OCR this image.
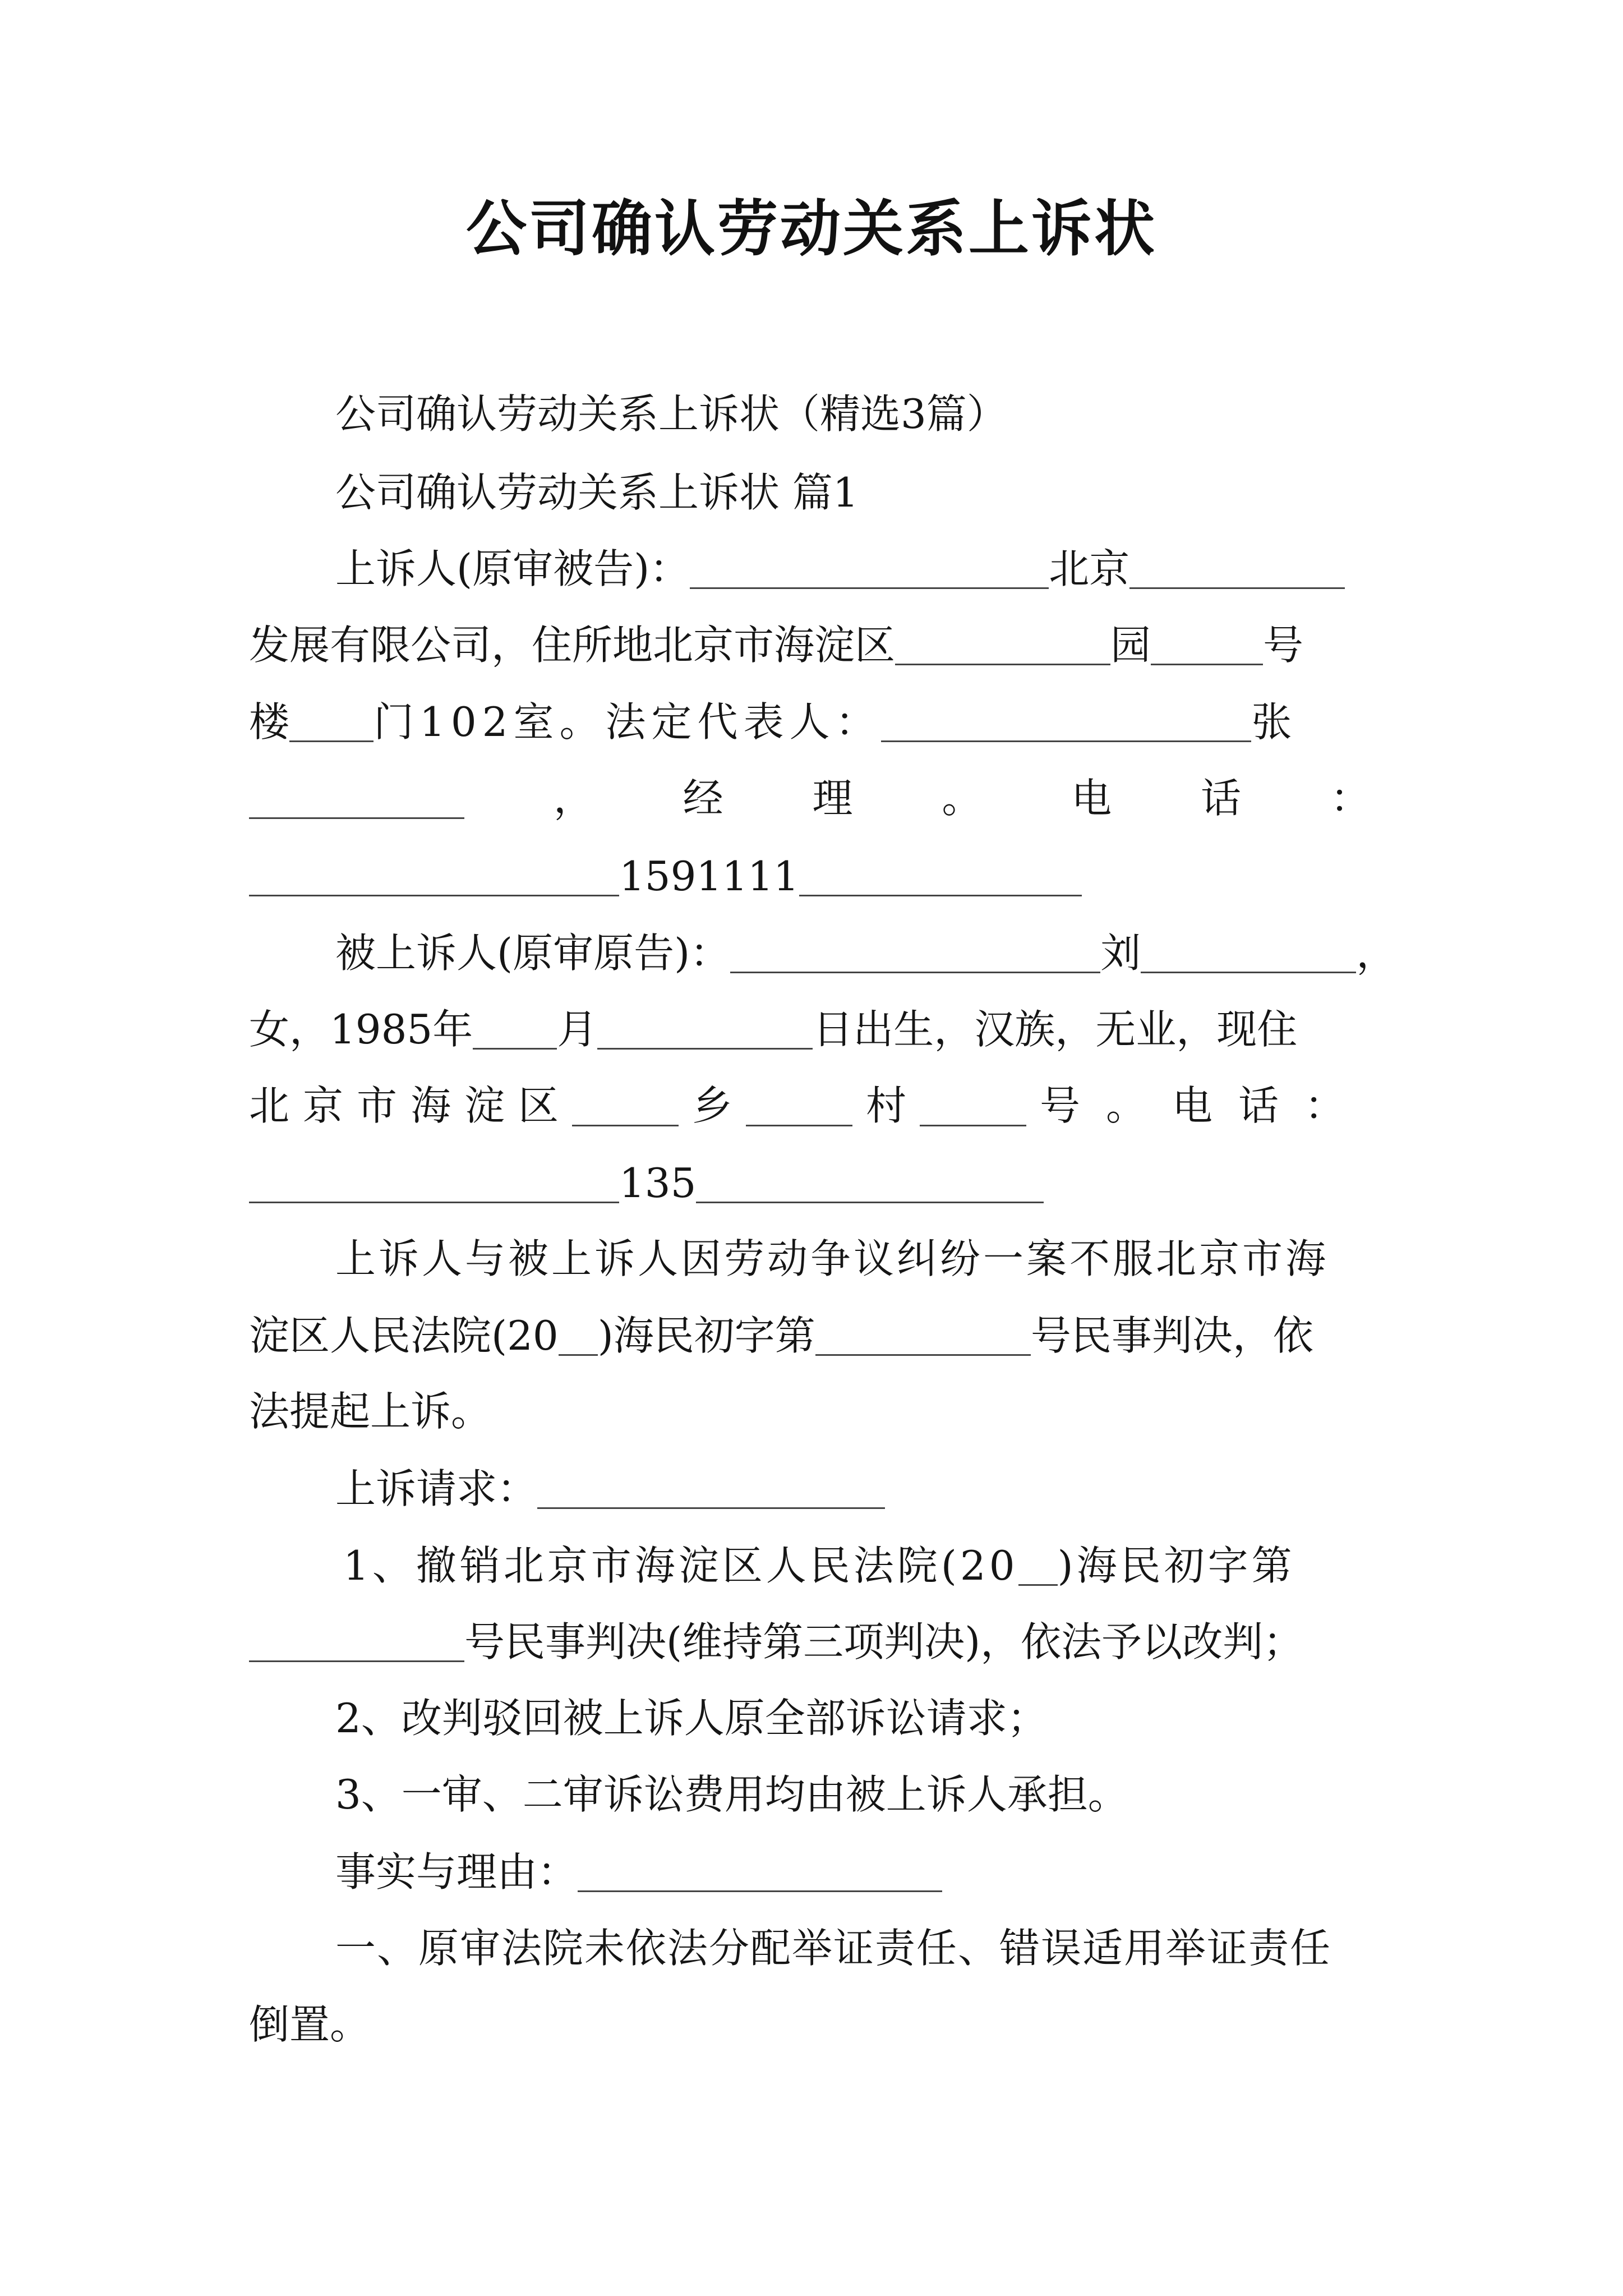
公司确认劳动关系上诉状
公司确认劳动关系上诉状（精选3篇）
公司确认劳动关系上诉状 篇1
上诉人(原审被告)：	北京
发展有限公司，住所地北京市海淀区	园	号
楼 门102室。法定代表人：	张
， 经 理 。 电 话 ：
1591111
被上诉人(原审原告)：	刘	，
女，1985年 月	日出生，汉族，无业，现住
北 京 市 海 淀 区	乡	村	号。电话：
135
上诉人与被上诉人因劳动争议纠纷一案不服北京市海
淀区人民法院(20 )海民初字第	号民事判决，依
法提起上诉。
上诉请求：
1、撤销北京市海淀区人民法院(20 )海民初字第
号民事判决(维持第三项判决)，依法予以改判；
2、改判驳回被上诉人原全部诉讼请求；
3、一审、二审诉讼费用均由被上诉人承担。
事实与理由：
一、原审法院未依法分配举证责任、错误适用举证责任
倒置。
